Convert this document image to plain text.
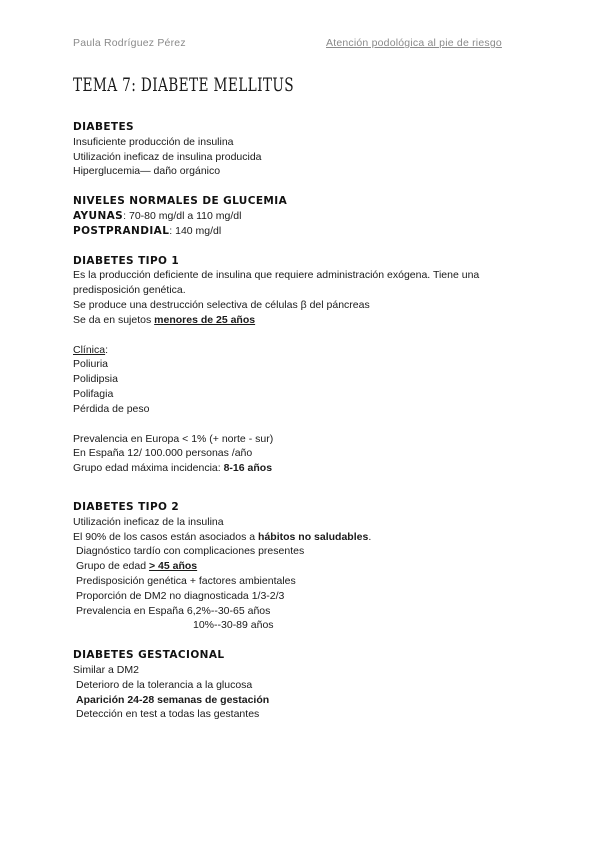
Paula Rodríguez Pérez	Atención podológica al pie de riesgo
TEMA 7: DIABETE MELLITUS
DIABETES
Insuficiente producción de insulina
Utilización ineficaz de insulina producida
Hiperglucemia— daño orgánico
NIVELES NORMALES DE GLUCEMIA
AYUNAS: 70-80 mg/dl a 110 mg/dl
POSTPRANDIAL: 140 mg/dl
DIABETES TIPO 1
Es la producción deficiente de insulina que requiere administración exógena. Tiene una predisposición genética.
Se produce una destrucción selectiva de células β del páncreas
Se da en sujetos menores de 25 años
Clínica:
Poliuria
Polidipsia
Polifagia
Pérdida de peso
Prevalencia en Europa < 1% (+ norte - sur)
En España 12/ 100.000 personas /año
Grupo edad máxima incidencia: 8-16 años
DIABETES TIPO 2
Utilización ineficaz de la insulina
El 90% de los casos están asociados a hábitos no saludables.
Diagnóstico tardío con complicaciones presentes
Grupo de edad > 45 años
Predisposición genética + factores ambientales
Proporción de DM2 no diagnosticada 1/3-2/3
Prevalencia en España 6,2%--30-65 años
10%--30-89 años
DIABETES GESTACIONAL
Similar a DM2
Deterioro de la tolerancia a la glucosa
Aparición 24-28 semanas de gestación
Detección en test a todas las gestantes
